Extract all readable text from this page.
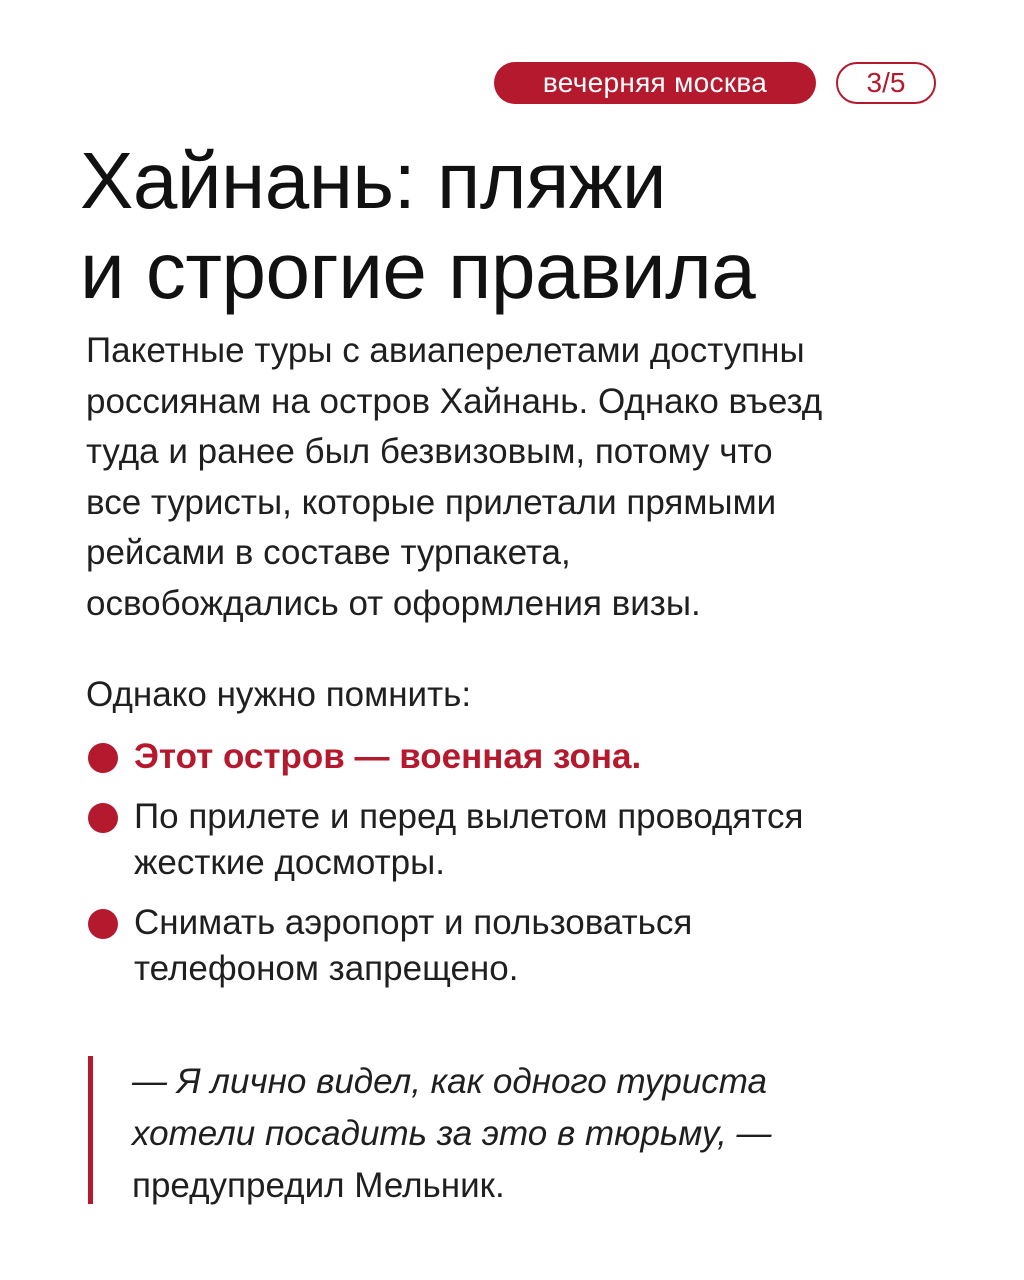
вечерняя москва	3/5
Хайнань: пляжи
и строгие правила

Пакетные туры с авиаперелетами доступны
россиянам на остров Хайнань. Однако въезд
туда и ранее был безвизовым, потому что
все туристы, которые прилетали прямыми
рейсами в составе турпакета,
освобождались от оформления визы.

Однако нужно помнить:

Этот остров — военная зона.
По прилете и перед вылетом проводятся
жесткие досмотры.
Снимать аэропорт и пользоваться
телефоном запрещено.

— Я лично видел, как одного туриста
хотели посадить за это в тюрьму, —
предупредил Мельник.
